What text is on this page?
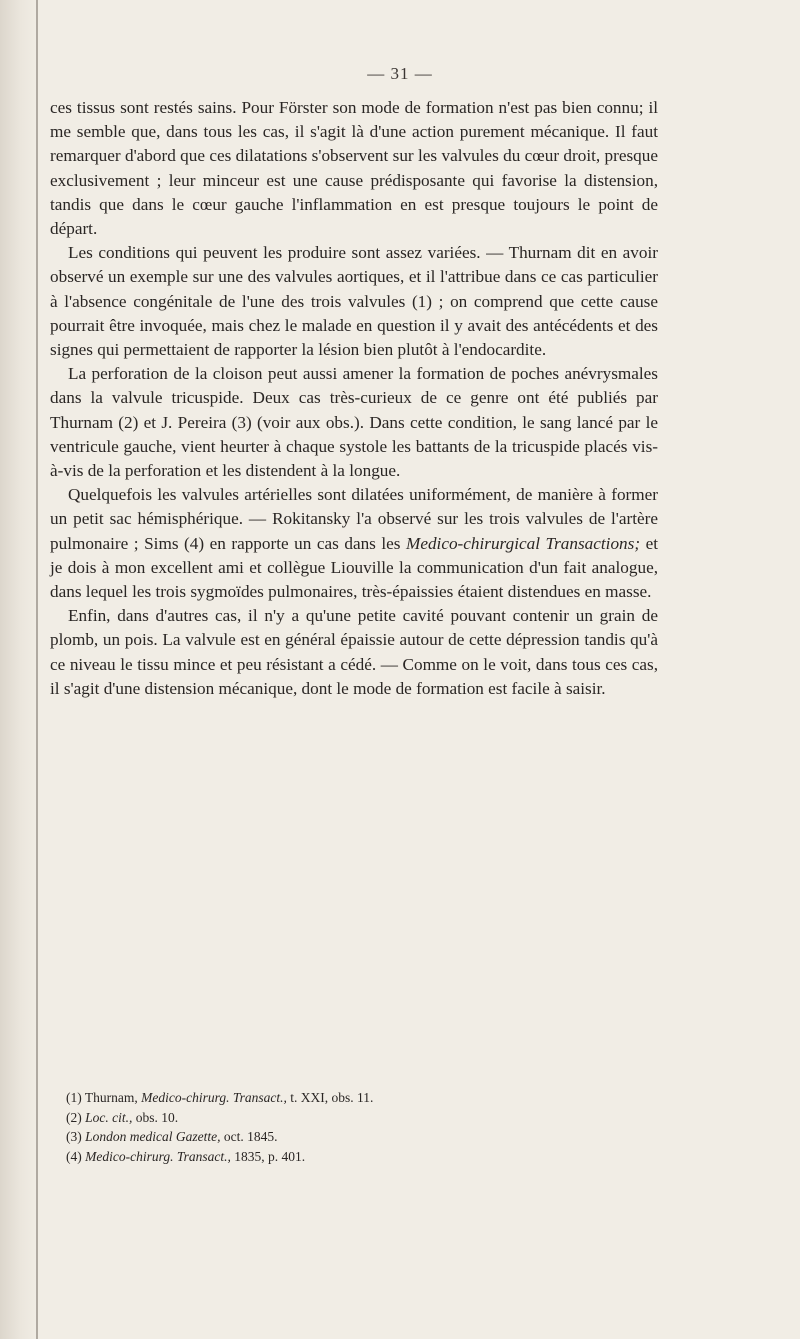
— 31 —

ces tissus sont restés sains. Pour Förster son mode de formation n'est pas bien connu; il me semble que, dans tous les cas, il s'agit là d'une action purement mécanique. Il faut remarquer d'abord que ces dilatations s'observent sur les valvules du cœur droit, presque exclusivement ; leur minceur est une cause prédisposante qui favorise la distension, tandis que dans le cœur gauche l'inflammation en est presque toujours le point de départ.

Les conditions qui peuvent les produire sont assez variées. — Thurnam dit en avoir observé un exemple sur une des valvules aortiques, et il l'attribue dans ce cas particulier à l'absence congénitale de l'une des trois valvules (1) ; on comprend que cette cause pourrait être invoquée, mais chez le malade en question il y avait des antécédents et des signes qui permettaient de rapporter la lésion bien plutôt à l'endocardite.

La perforation de la cloison peut aussi amener la formation de poches anévrysmales dans la valvule tricuspide. Deux cas très-curieux de ce genre ont été publiés par Thurnam (2) et J. Pereira (3) (voir aux obs.). Dans cette condition, le sang lancé par le ventricule gauche, vient heurter à chaque systole les battants de la tricuspide placés vis-à-vis de la perforation et les distendent à la longue.

Quelquefois les valvules artérielles sont dilatées uniformément, de manière à former un petit sac hémisphérique. — Rokitansky l'a observé sur les trois valvules de l'artère pulmonaire ; Sims (4) en rapporte un cas dans les Medico-chirurgical Transactions; et je dois à mon excellent ami et collègue Liouville la communication d'un fait analogue, dans lequel les trois sygmoïdes pulmonaires, très-épaissies étaient distendues en masse.

Enfin, dans d'autres cas, il n'y a qu'une petite cavité pouvant contenir un grain de plomb, un pois. La valvule est en général épaissie autour de cette dépression tandis qu'à ce niveau le tissu mince et peu résistant a cédé. — Comme on le voit, dans tous ces cas, il s'agit d'une distension mécanique, dont le mode de formation est facile à saisir.

(1) Thurnam, Medico-chirurg. Transact., t. XXI, obs. 11.
(2) Loc. cit., obs. 10.
(3) London medical Gazette, oct. 1845.
(4) Medico-chirurg. Transact., 1835, p. 401.
